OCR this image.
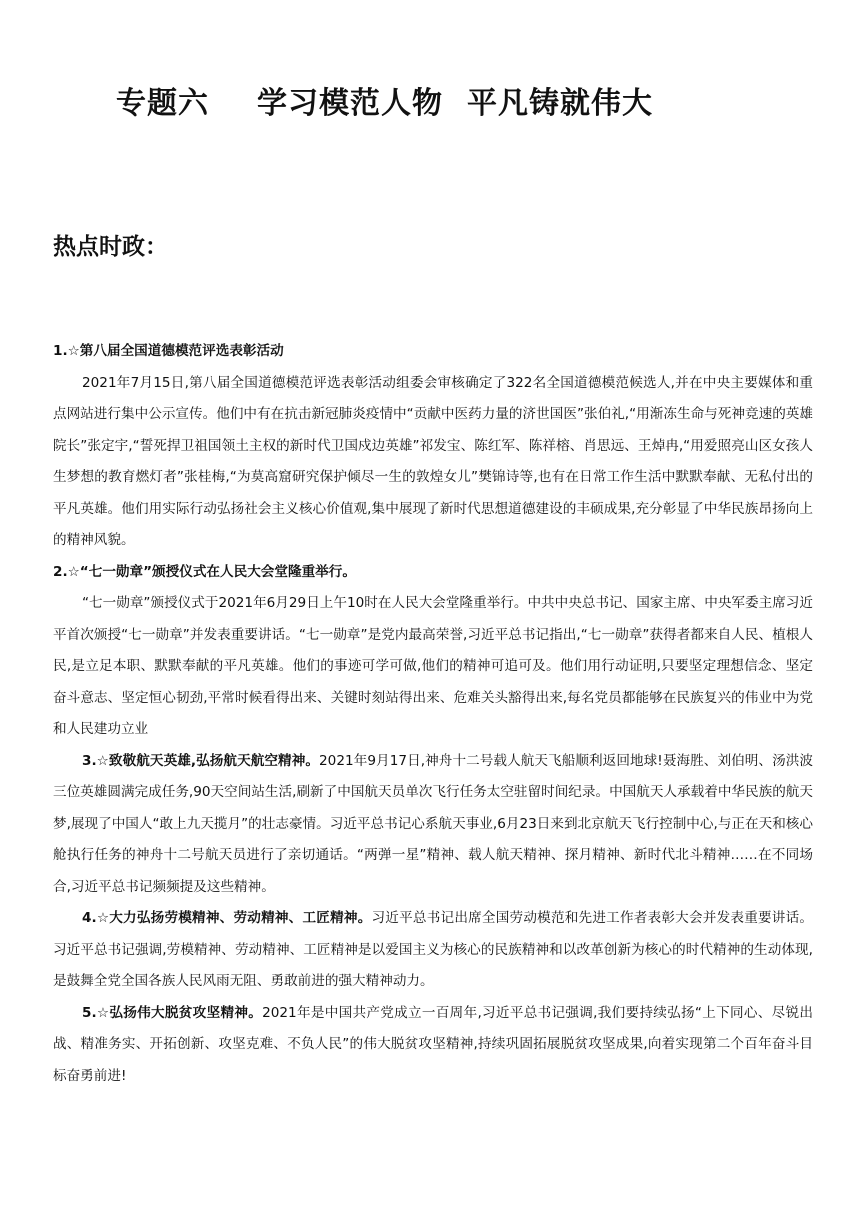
专题六 学习模范人物 平凡铸就伟大
热点时政：

1.☆第八届全国道德模范评选表彰活动

2021年7月15日,第八届全国道德模范评选表彰活动组委会审核确定了322名全国道德模范候选人,并在中央主要媒体和重点网站进行集中公示宣传。他们中有在抗击新冠肺炎疫情中“贡献中医药力量的济世国医”张伯礼,“用渐冻生命与死神竞速的英雄院长”张定宇,“誓死捍卫祖国领土主权的新时代卫国戍边英雄”祁发宝、陈红军、陈祥榕、肖思远、王焯冉,“用爱照亮山区女孩人生梦想的教育燃灯者”张桂梅,“为莫高窟研究保护倾尽一生的敦煌女儿”樊锦诗等,也有在日常工作生活中默默奉献、无私付出的平凡英雄。他们用实际行动弘扬社会主义核心价值观,集中展现了新时代思想道德建设的丰硕成果,充分彰显了中华民族昂扬向上的精神风貌。

2.☆“七一勋章”颁授仪式在人民大会堂隆重举行。

“七一勋章”颁授仪式于2021年6月29日上午10时在人民大会堂隆重举行。中共中央总书记、国家主席、中央军委主席习近平首次颁授“七一勋章”并发表重要讲话。“七一勋章”是党内最高荣誉,习近平总书记指出,“七一勋章”获得者都来自人民、植根人民,是立足本职、默默奉献的平凡英雄。他们的事迹可学可做,他们的精神可追可及。他们用行动证明,只要坚定理想信念、坚定奋斗意志、坚定恒心韧劲,平常时候看得出来、关键时刻站得出来、危难关头豁得出来,每名党员都能够在民族复兴的伟业中为党和人民建功立业

3.☆致敬航天英雄,弘扬航天航空精神。2021年9月17日,神舟十二号载人航天飞船顺利返回地球!聂海胜、刘伯明、汤洪波三位英雄圆满完成任务,90天空间站生活,刷新了中国航天员单次飞行任务太空驻留时间纪录。中国航天人承载着中华民族的航天梦,展现了中国人“敢上九天揽月”的壮志豪情。习近平总书记心系航天事业,6月23日来到北京航天飞行控制中心,与正在天和核心舱执行任务的神舟十二号航天员进行了亲切通话。“两弹一星”精神、载人航天精神、探月精神、新时代北斗精神……在不同场合,习近平总书记频频提及这些精神。

4.☆大力弘扬劳模精神、劳动精神、工匠精神。习近平总书记出席全国劳动模范和先进工作者表彰大会并发表重要讲话。习近平总书记强调,劳模精神、劳动精神、工匠精神是以爱国主义为核心的民族精神和以改革创新为核心的时代精神的生动体现,是鼓舞全党全国各族人民风雨无阻、勇敢前进的强大精神动力。

5.☆弘扬伟大脱贫攻坚精神。2021年是中国共产党成立一百周年,习近平总书记强调,我们要持续弘扬“上下同心、尽锐出战、精准务实、开拓创新、攻坚克难、不负人民”的伟大脱贫攻坚精神,持续巩固拓展脱贫攻坚成果,向着实现第二个百年奋斗目标奋勇前进!
